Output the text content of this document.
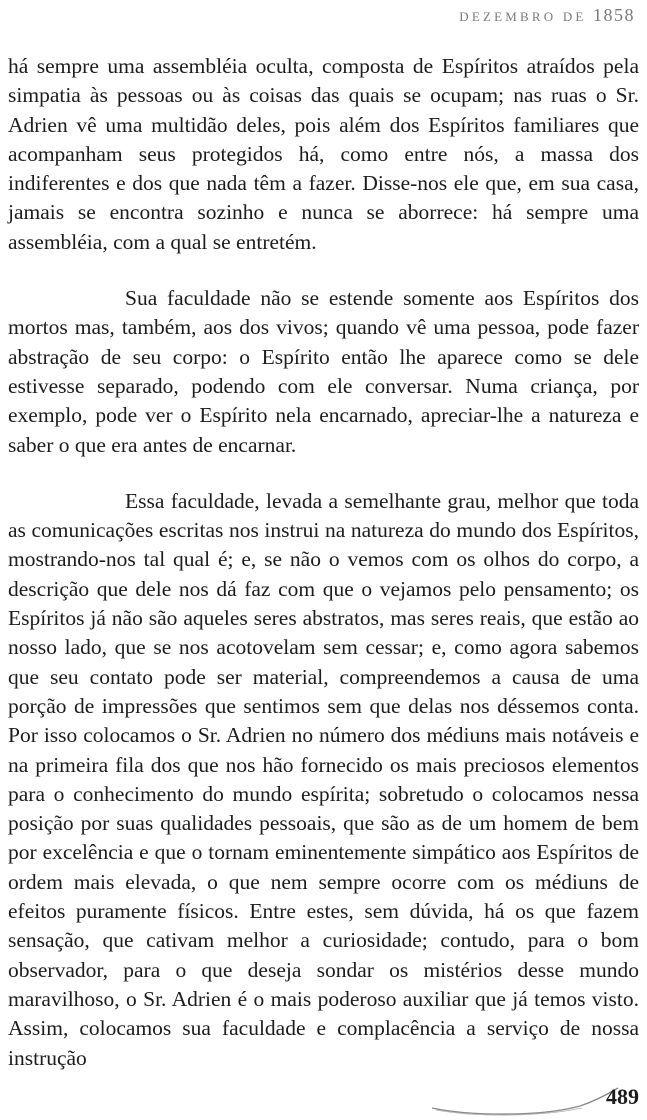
DEZEMBRO DE 1858

há sempre uma assembléia oculta, composta de Espíritos atraídos pela simpatia às pessoas ou às coisas das quais se ocupam; nas ruas o Sr. Adrien vê uma multidão deles, pois além dos Espíritos familiares que acompanham seus protegidos há, como entre nós, a massa dos indiferentes e dos que nada têm a fazer. Disse-nos ele que, em sua casa, jamais se encontra sozinho e nunca se aborrece: há sempre uma assembléia, com a qual se entretém.

Sua faculdade não se estende somente aos Espíritos dos mortos mas, também, aos dos vivos; quando vê uma pessoa, pode fazer abstração de seu corpo: o Espírito então lhe aparece como se dele estivesse separado, podendo com ele conversar. Numa criança, por exemplo, pode ver o Espírito nela encarnado, apreciar-lhe a natureza e saber o que era antes de encarnar.

Essa faculdade, levada a semelhante grau, melhor que toda as comunicações escritas nos instrui na natureza do mundo dos Espíritos, mostrando-nos tal qual é; e, se não o vemos com os olhos do corpo, a descrição que dele nos dá faz com que o vejamos pelo pensamento; os Espíritos já não são aqueles seres abstratos, mas seres reais, que estão ao nosso lado, que se nos acotovelam sem cessar; e, como agora sabemos que seu contato pode ser material, compreendemos a causa de uma porção de impressões que sentimos sem que delas nos déssemos conta. Por isso colocamos o Sr. Adrien no número dos médiuns mais notáveis e na primeira fila dos que nos hão fornecido os mais preciosos elementos para o conhecimento do mundo espírita; sobretudo o colocamos nessa posição por suas qualidades pessoais, que são as de um homem de bem por excelência e que o tornam eminentemente simpático aos Espíritos de ordem mais elevada, o que nem sempre ocorre com os médiuns de efeitos puramente físicos. Entre estes, sem dúvida, há os que fazem sensação, que cativam melhor a curiosidade; contudo, para o bom observador, para o que deseja sondar os mistérios desse mundo maravilhoso, o Sr. Adrien é o mais poderoso auxiliar que já temos visto. Assim, colocamos sua faculdade e complacência a serviço de nossa instrução

489
